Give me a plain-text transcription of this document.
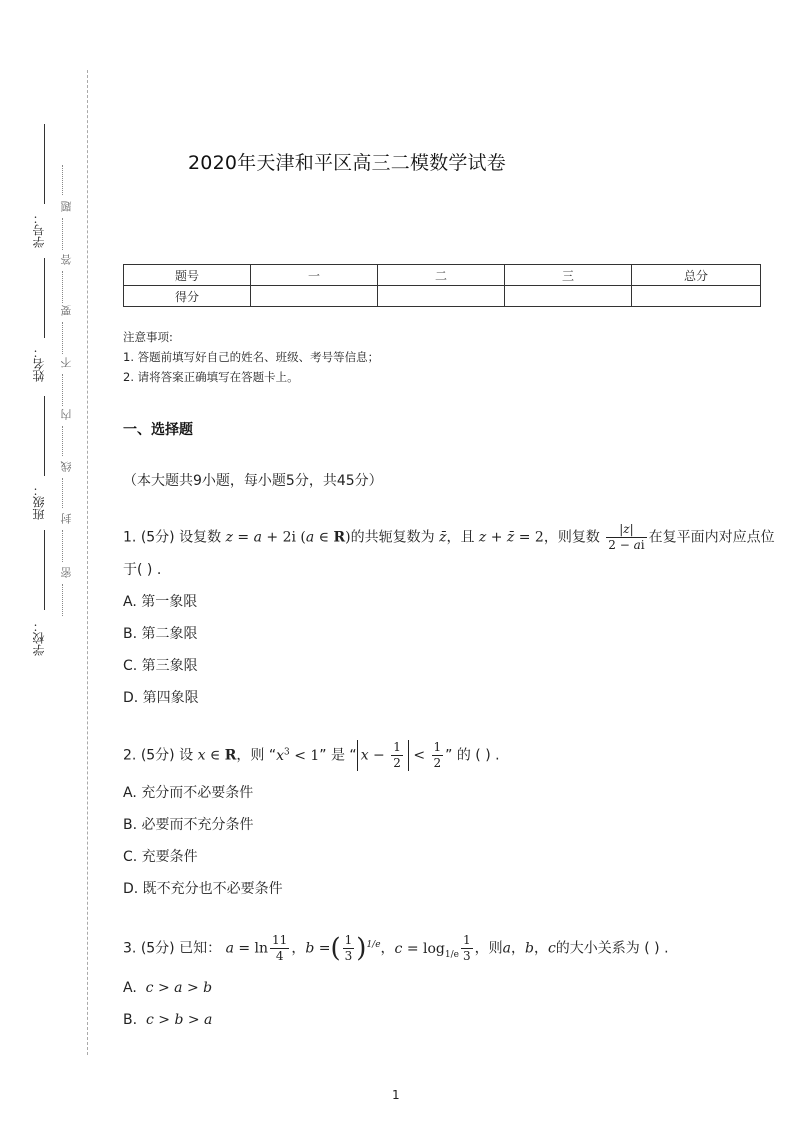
学号：
姓名：
班级：
学校：
题
答
要
不
内
线
封
密
2020年天津和平区高三二模数学试卷
题号	一	二	三	总分
得分				
注意事项:
1. 答题前填写好自己的姓名、班级、考号等信息；
2. 请将答案正确填写在答题卡上。
一、选择题
（本大题共9小题，每小题5分，共45分）
1. (5分) 设复数 z = a + 2i (a ∈ R)的共轭复数为 z̄，且 z + z̄ = 2，则复数 $\frac{|z|}{2 - ai}$ 在复平面内对应点位
于( ) .
A. 第一象限
B. 第二象限
C. 第三象限
D. 第四象限
2. (5分) 设 x ∈ R，则 “$x^3 < 1$” 是 “ $x - \frac{1}{2} < \frac{1}{2}$ ” 的 ( ) .
A. 充分而不必要条件
B. 必要而不充分条件
C. 充要条件
D. 既不充分也不必要条件
3. (5分) 已知： $a = \ln \frac{11}{4}$ ，b =( $\frac{1}{3} )^{1/e}$，$c = \log_{1/e} \frac{1}{3}$ ，则a，b，c的大小关系为 ( ) .
A.  c > a > b
B.  c > b > a
1
